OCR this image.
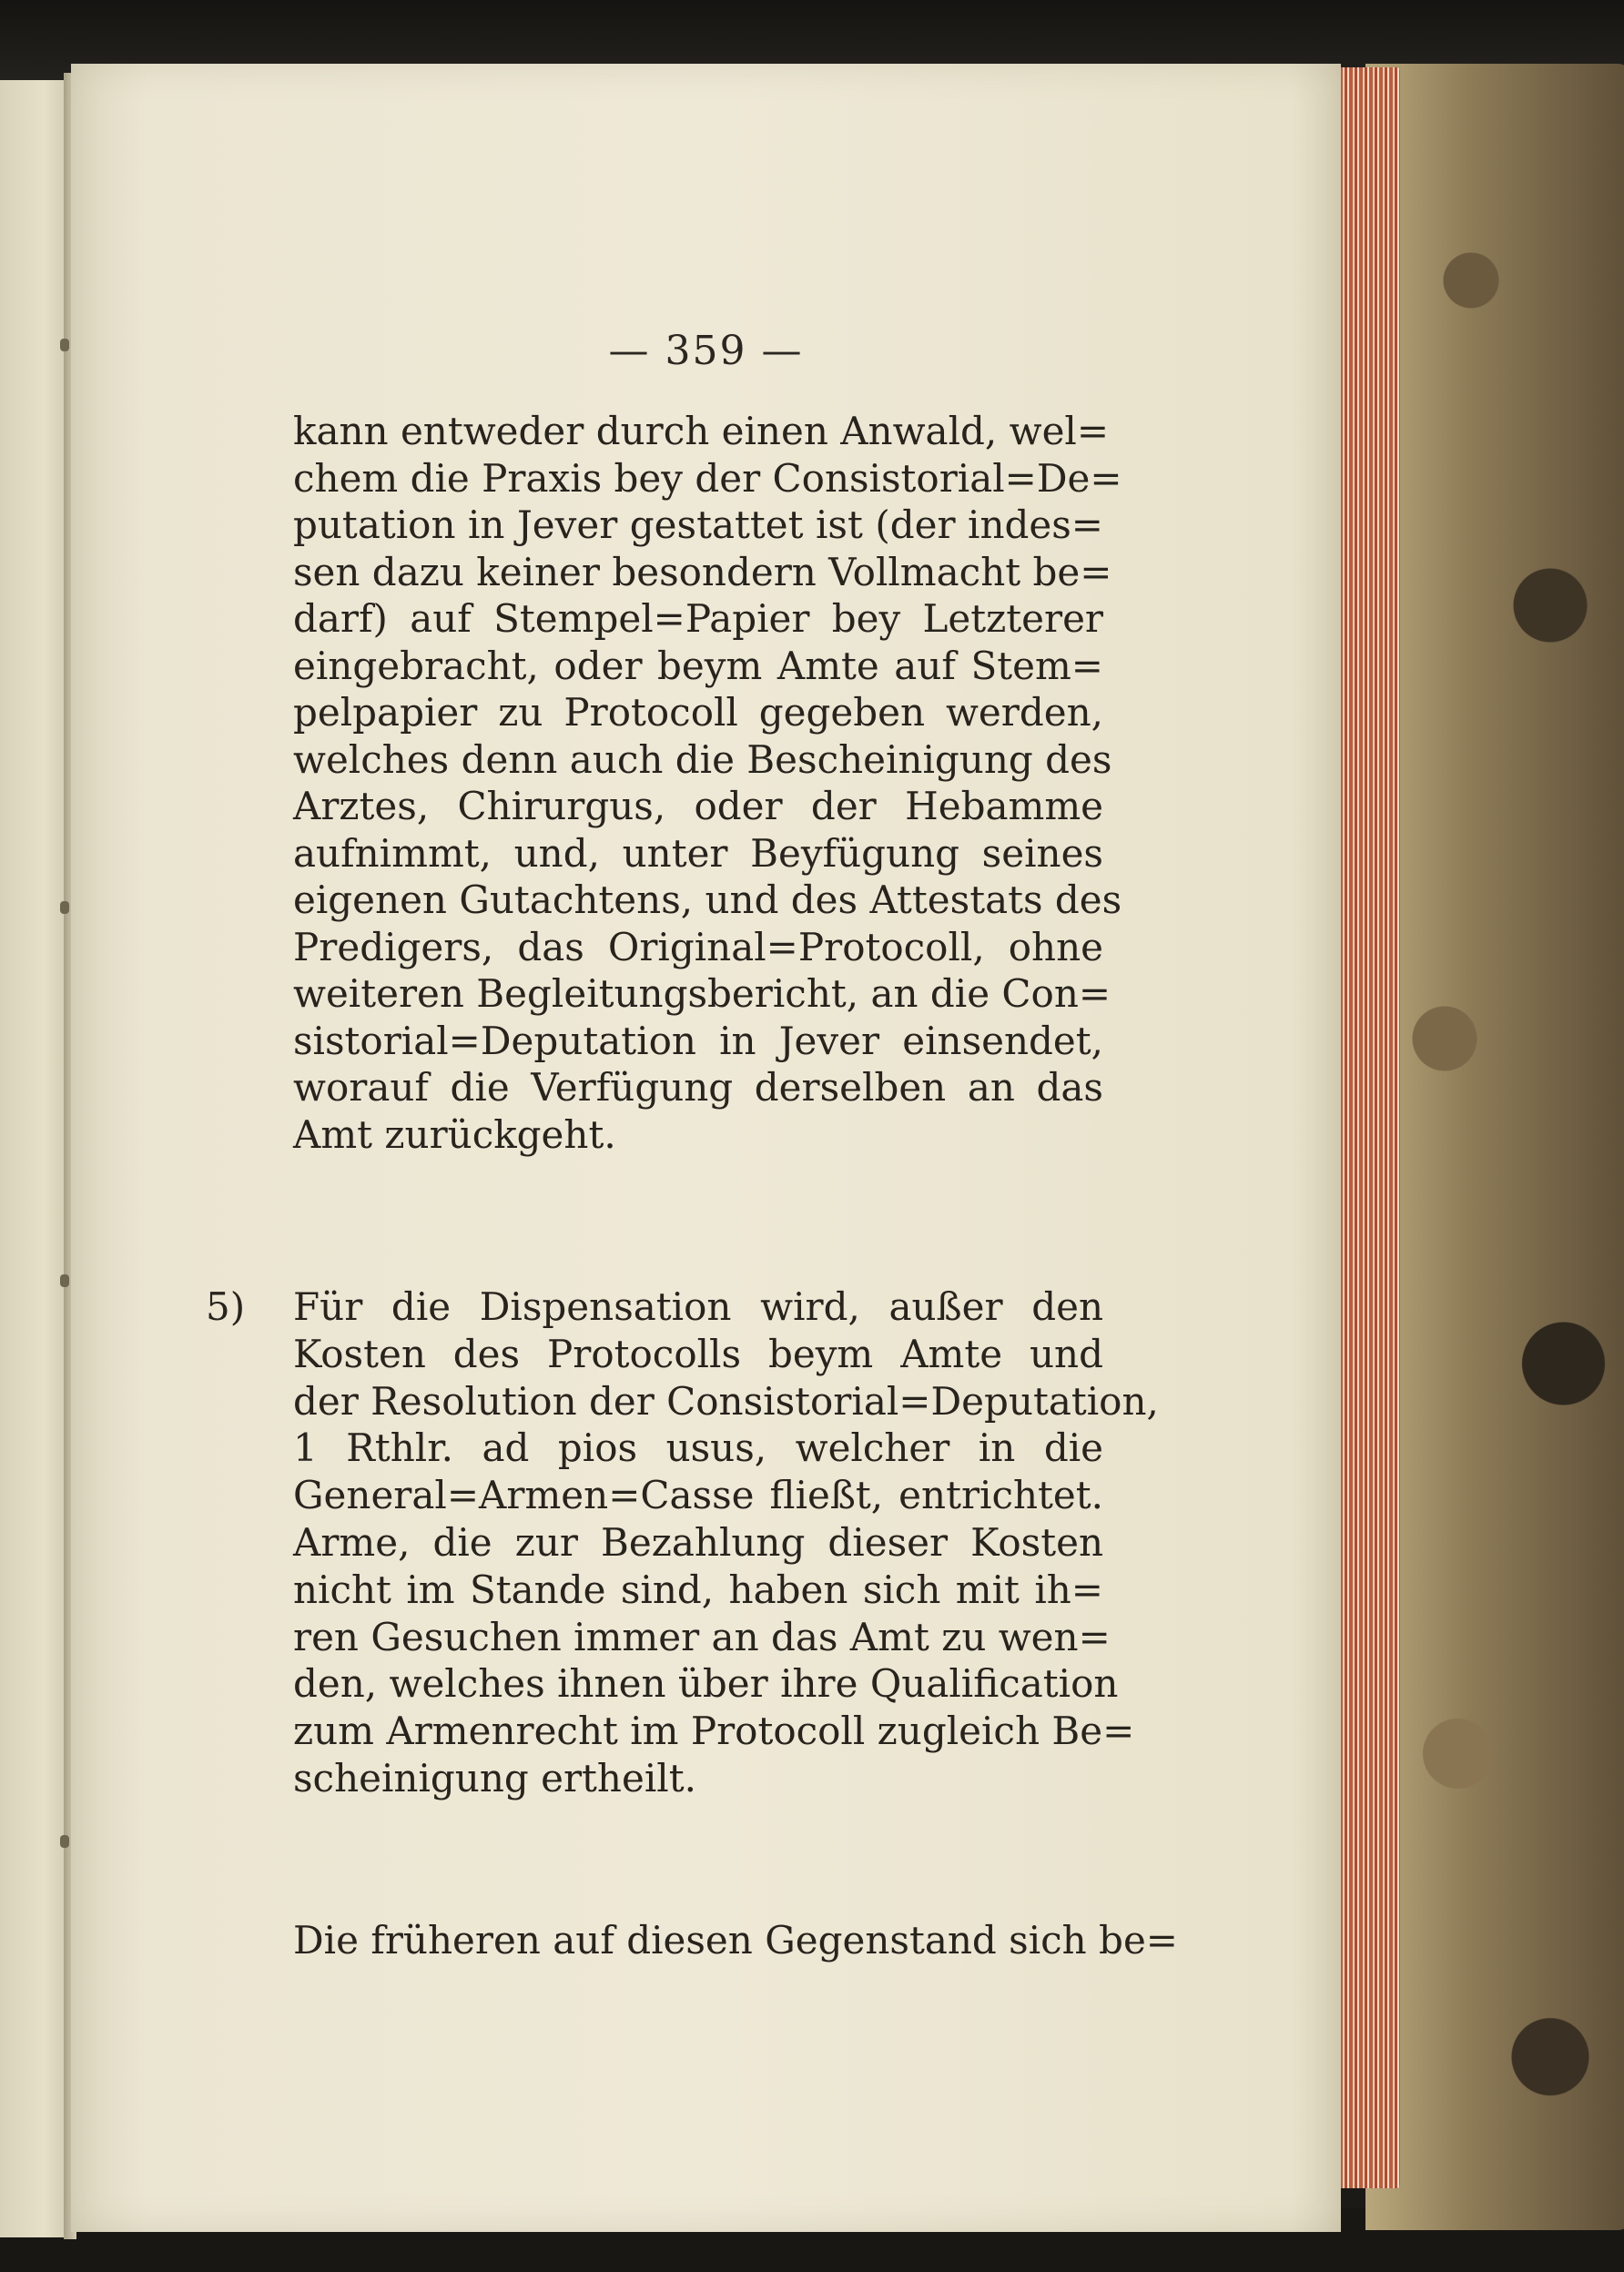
— 359 —
kann entweder durch einen Anwald, wel=
chem die Praxis bey der Consistorial=De=
putation in Jever gestattet ist (der indes=
sen dazu keiner besondern Vollmacht be=
darf) auf Stempel=Papier bey Letzterer
eingebracht, oder beym Amte auf Stem=
pelpapier zu Protocoll gegeben werden,
welches denn auch die Bescheinigung des
Arztes, Chirurgus, oder der Hebamme
aufnimmt, und, unter Beyfügung seines
eigenen Gutachtens, und des Attestats des
Predigers, das Original=Protocoll, ohne
weiteren Begleitungsbericht, an die Con=
sistorial=Deputation in Jever einsendet,
worauf die Verfügung derselben an das
Amt zurückgeht.
5) Für die Dispensation wird, außer den
Kosten des Protocolls beym Amte und
der Resolution der Consistorial=Deputation,
1 Rthlr. ad pios usus, welcher in die
General=Armen=Casse fließt, entrichtet.
Arme, die zur Bezahlung dieser Kosten
nicht im Stande sind, haben sich mit ih=
ren Gesuchen immer an das Amt zu wen=
den, welches ihnen über ihre Qualification
zum Armenrecht im Protocoll zugleich Be=
scheinigung ertheilt.
Die früheren auf diesen Gegenstand sich be=
